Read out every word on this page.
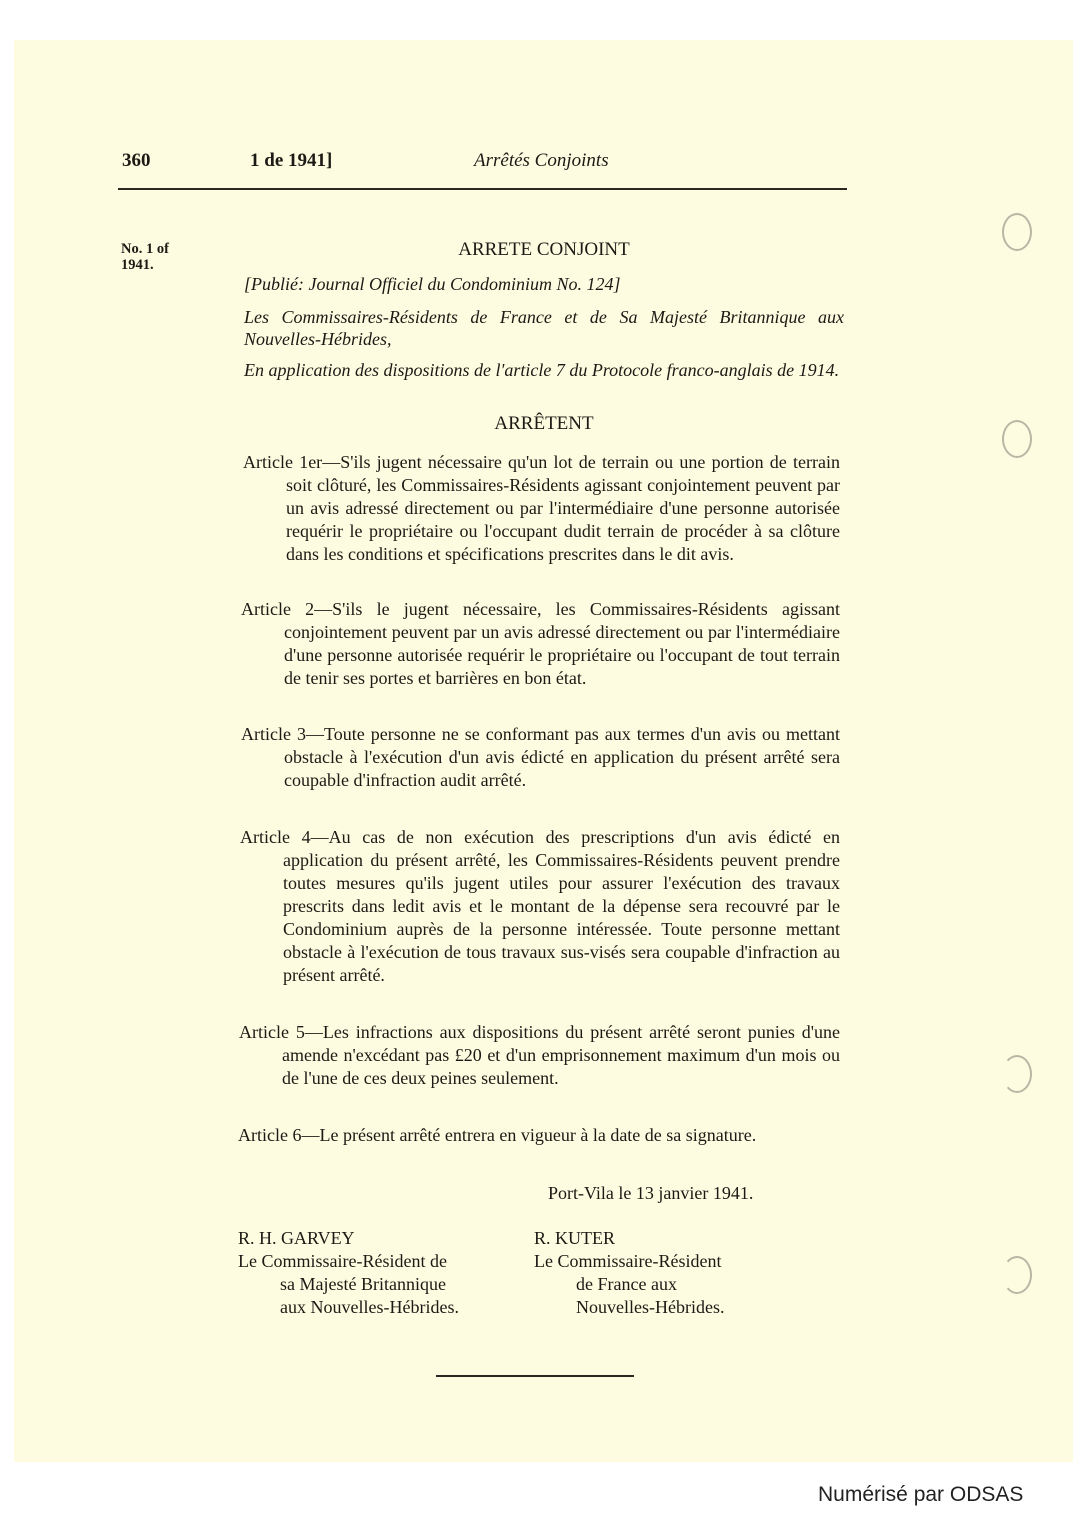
360	1 de 1941]	Arrêtés Conjoints
No. 1 of
1941.
ARRETE CONJOINT
[Publié: Journal Officiel du Condominium No. 124]
Les Commissaires-Résidents de France et de Sa Majesté Britannique aux Nouvelles-Hébrides,
En application des dispositions de l'article 7 du Protocole franco-anglais de 1914.
ARRÊTENT
Article 1er—S'ils jugent nécessaire qu'un lot de terrain ou une portion de terrain soit clôturé, les Commissaires-Résidents agissant conjointement peuvent par un avis adressé directement ou par l'intermédiaire d'une personne autorisée requérir le propriétaire ou l'occupant dudit terrain de procéder à sa clôture dans les conditions et spécifications prescrites dans le dit avis.
Article 2—S'ils le jugent nécessaire, les Commissaires-Résidents agissant conjointement peuvent par un avis adressé directement ou par l'intermédiaire d'une personne autorisée requérir le propriétaire ou l'occupant de tout terrain de tenir ses portes et barrières en bon état.
Article 3—Toute personne ne se conformant pas aux termes d'un avis ou mettant obstacle à l'exécution d'un avis édicté en application du présent arrêté sera coupable d'infraction audit arrêté.
Article 4—Au cas de non exécution des prescriptions d'un avis édicté en application du présent arrêté, les Commissaires-Résidents peuvent prendre toutes mesures qu'ils jugent utiles pour assurer l'exécution des travaux prescrits dans ledit avis et le montant de la dépense sera recouvré par le Condominium auprès de la personne intéressée. Toute personne mettant obstacle à l'exécution de tous travaux sus-visés sera coupable d'infraction au présent arrêté.
Article 5—Les infractions aux dispositions du présent arrêté seront punies d'une amende n'excédant pas £20 et d'un emprisonnement maximum d'un mois ou de l'une de ces deux peines seulement.
Article 6—Le présent arrêté entrera en vigueur à la date de sa signature.
Port-Vila le 13 janvier 1941.
R. H. GARVEY
Le Commissaire-Résident de
sa Majesté Britannique
aux Nouvelles-Hébrides.
R. KUTER
Le Commissaire-Résident
de France aux
Nouvelles-Hébrides.
Numérisé par ODSAS
